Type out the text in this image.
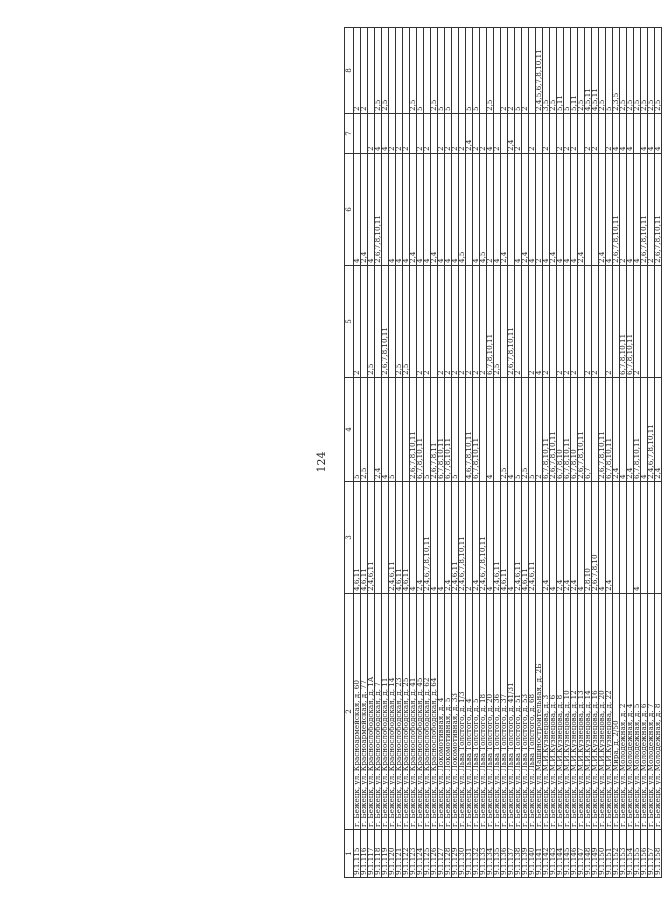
124
1	2	3	4	5	6	7	8
9.1.115	г. Бежецк, ул. Красноармейская, д. 60	4,6,11	5	2	4		2
9.1.116	г. Бежецк, ул. Красноармейская, д. 77	4,6,11	2,5		2,4		2
9.1.117	г. Бежецк, ул. Краснослободская, д. 1А	2,4,6,11		2,5	4	2	
9.1.118	г. Бежецк, ул. Краснослободская, д. 7		2,4		2,6,7,8,10,11	4	2,5
9.1.119	г. Бежецк, ул. Краснослободская, д. 11		4	2,6,7,8,10,11		4	2,5
9.1.120	г. Бежецк, ул. Краснослободская, д. 14	2,4,6,11	5		4	2	
9.1.121	г. Бежецк, ул. Краснослободская, д. 23	4,6,11		2,5	4	2	
9.1.122	г. Бежецк, ул. Краснослободская, д. 25	4,6,11		2,5	4	2	
9.1.123	г. Бежецк, ул. Краснослободская, д. 41	4	2,6,7,8,10,11		2,4		2,5
9.1.124	г. Бежецк, ул. Краснослободская, д. 45	2,4	6,7,8,10,11	2	4	2	5
9.1.125	г. Бежецк, ул. Краснослободская, д. 62	2,4,6,7,8,10,11	5	2	4	2	
9.1.126	г. Бежецк, ул. Краснослободская, д. 64	4	2,6,7,8,11		2,4		2,5
9.1.127	г. Бежецк, ул. Локомотивная, д. 4	4	6,7,8,10,11	2	4	2	5
9.1.128	г. Бежецк, ул. Локомотивная, д. 5	2,4	6,7,8,10,11	2	4	2	5
9.1.129	г. Бежецк, ул. Локомотивная, д. 33	2,4,6,11	5	2	4	2	
9.1.130	г. Бежецк, ул. Льва Толстого, д. 1/3	2,4,6,7,8,10,11		2	4,5	2	
9.1.131	г. Бежецк, ул. Льва Толстого, д. 4	2	4,6,7,8,10,11	2		2,4	5
9.1.132	г. Бежецк, ул. Льва Толстого, д. 5	2,4	6,7,8,10,11	2	4	2	5
9.1.133	г. Бежецк, ул. Льва Толстого, д. 18	2,4,6,7,8,10,11		2	4,5	2	
9.1.134	г. Бежецк, ул. Льва Толстого, д. 20	4	4	6,7,8,10,11	2	4	2,5
9.1.135	г. Бежецк, ул. Льва Толстого, д. 36	2,4,6,11		2,5	4	2	
9.1.136	г. Бежецк, ул. Льва Толстого, д. 37	4,6,11	2,5		2,4		2
9.1.137	г. Бежецк, ул. Льва Толстого, д. 41/31	4	4	2,6,7,8,10,11		2,4	2
9.1.138	г. Бежецк, ул. Льва Толстого, д. 51	2,4,6,11	5	2	4	2	5
9.1.139	г. Бежецк, ул. Льва Толстого, д. 53	4,6,11	2,5		2,4		2
9.1.140	г. Бежецк, ул. Льва Толстого, д. 68	2,4,6,11	5	2	4	2	
9.1.141	г. Бежецк, ул. Машиностроительная, д. 2Б		2	4	2		2,4,5,6,7,8,10,11
9.1.142	г. Бежецк, ул. М.И.Кузнецова, д. 3	2,4	6,7,8,10,11	2	4	2	3,5
9.1.143	г. Бежецк, ул. М.И.Кузнецова, д. 6	4	2,6,7,8,10,11		2,4		2,5
9.1.144	г. Бежецк, ул. М.И.Кузнецова, д. 8	2,4	6,7,8,10	2	4	2	5,11
9.1.145	г. Бежецк, ул. М.И.Кузнецова, д. 10	2,4	6,7,8,10,11	2	4	2	5
9.1.146	г. Бежецк, ул. М.И.Кузнецова, д. 12	2,4	6,7,8,10	2	4	2	5,11
9.1.147	г. Бежецк, ул. М.И.Кузнецова, д. 13	4	2,6,7,8,10,11		2,4		2,5
9.1.148	г. Бежецк, ул. М.И.Кузнецова, д. 14	2,8,10	6,7	2		2	4,5,11
9.1.149	г. Бежецк, ул. М.И.Кузнецова, д. 16	2,6,7,8,10		2		2	4,5,11
9.1.150	г. Бежецк, ул. М.И.Кузнецова, д. 20	4	2,6,7,8,10,11		2,4		2,5
9.1.151	г. Бежецк, ул. М.И.Кузнецова, д. 22	2,4	6,7,8,10,11	2	4	2	5
9.1.152	г. Бежецк, ул. Мира, д. 2/50		2,4		2,6,7,8,10,11	4	2,3,5
9.1.153	г. Бежецк, ул. Молодежная, д. 2		4	6,7,8,10,11	2	4	2,5
9.1.154	г. Бежецк, ул. Молодежная, д. 4		2,4	6,7,8,10,11	4	4	2,5
9.1.155	г. Бежецк, ул. Молодежная, д. 5	4	6,7,8,10,11	2	4		2,5
9.1.156	г. Бежецк, ул. Молодежная, д. 6		4		2,6,7,8,10,11	4	2,5
9.1.157	г. Бежецк, ул. Молодежная, д. 7		2,4,6,7,8,10,11		2	4	2,5
9.1.158	г. Бежецк, ул. Молодежная, д. 8		2,4		2,6,7,8,10,11	4	2,5
